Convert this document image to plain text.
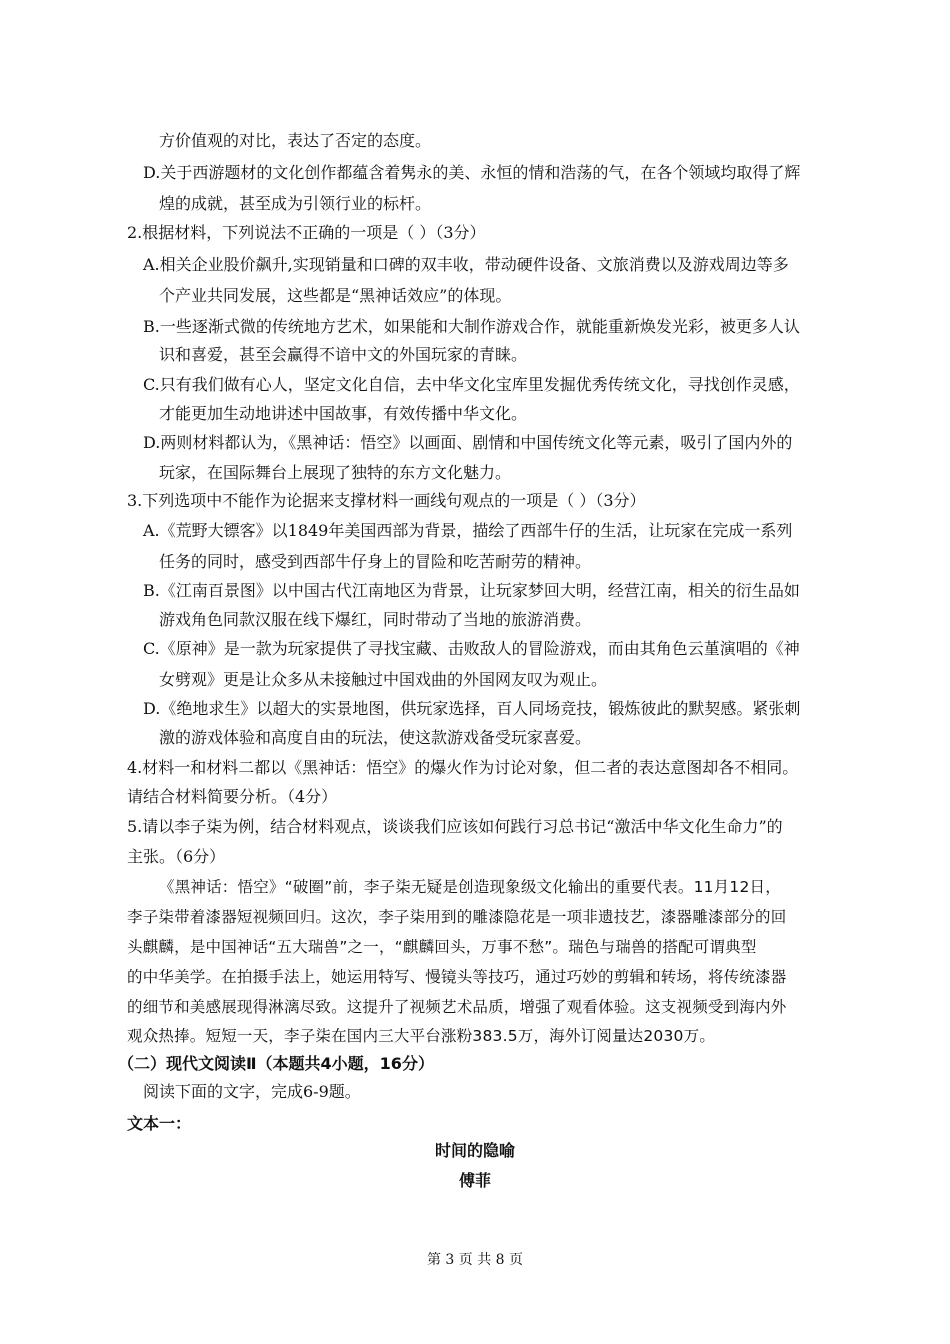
方价值观的对比，表达了否定的态度。
D.关于西游题材的文化创作都蕴含着隽永的美、永恒的情和浩荡的气，在各个领域均取得了辉
煌的成就，甚至成为引领行业的标杆。
2.根据材料，下列说法不正确的一项是（ ）（3分）
A.相关企业股价飙升,实现销量和口碑的双丰收，带动硬件设备、文旅消费以及游戏周边等多
个产业共同发展，这些都是“黑神话效应”的体现。
B.一些逐渐式微的传统地方艺术，如果能和大制作游戏合作，就能重新焕发光彩，被更多人认
识和喜爱，甚至会赢得不谙中文的外国玩家的青睐。
C.只有我们做有心人，坚定文化自信，去中华文化宝库里发掘优秀传统文化，寻找创作灵感，
才能更加生动地讲述中国故事，有效传播中华文化。
D.两则材料都认为，《黑神话：悟空》以画面、剧情和中国传统文化等元素，吸引了国内外的
玩家，在国际舞台上展现了独特的东方文化魅力。
3.下列选项中不能作为论据来支撑材料一画线句观点的一项是（ ）（3分）
A.《荒野大镖客》以1849年美国西部为背景，描绘了西部牛仔的生活，让玩家在完成一系列
任务的同时，感受到西部牛仔身上的冒险和吃苦耐劳的精神。
B.《江南百景图》以中国古代江南地区为背景，让玩家梦回大明，经营江南，相关的衍生品如
游戏角色同款汉服在线下爆红，同时带动了当地的旅游消费。
C.《原神》是一款为玩家提供了寻找宝藏、击败敌人的冒险游戏，而由其角色云堇演唱的《神
女劈观》更是让众多从未接触过中国戏曲的外国网友叹为观止。
D.《绝地求生》以超大的实景地图，供玩家选择，百人同场竞技，锻炼彼此的默契感。紧张刺
激的游戏体验和高度自由的玩法，使这款游戏备受玩家喜爱。
4.材料一和材料二都以《黑神话：悟空》的爆火作为讨论对象，但二者的表达意图却各不相同。
请结合材料简要分析。（4分）
5.请以李子柒为例，结合材料观点，谈谈我们应该如何践行习总书记“激活中华文化生命力”的
主张。（6分）
《黑神话：悟空》“破圈”前，李子柒无疑是创造现象级文化输出的重要代表。11月12日，
李子柒带着漆器短视频回归。这次，李子柒用到的雕漆隐花是一项非遗技艺，漆器雕漆部分的回
头麒麟，是中国神话“五大瑞兽”之一，“麒麟回头，万事不愁”。瑞色与瑞兽的搭配可谓典型
的中华美学。在拍摄手法上，她运用特写、慢镜头等技巧，通过巧妙的剪辑和转场，将传统漆器
的细节和美感展现得淋漓尽致。这提升了视频艺术品质，增强了观看体验。这支视频受到海内外
观众热捧。短短一天，李子柒在国内三大平台涨粉383.5万，海外订阅量达2030万。
（二）现代文阅读Ⅱ（本题共4小题，16分）
阅读下面的文字，完成6-9题。
文本一：
时间的隐喻
傅菲
第 3 页 共 8 页
